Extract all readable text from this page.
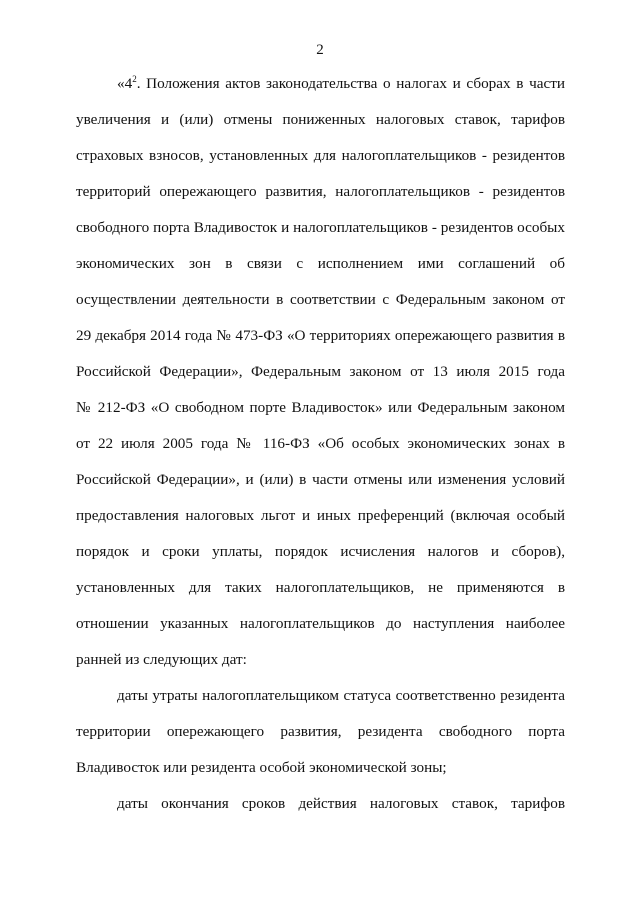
2
«$4^2$. Положения актов законодательства о налогах и сборах в части
увеличения и (или) отмены пониженных налоговых ставок, тарифов
страховых взносов, установленных для налогоплательщиков - резидентов
территорий опережающего развития, налогоплательщиков - резидентов
свободного порта Владивосток и налогоплательщиков - резидентов особых
экономических зон в связи с исполнением ими соглашений об
осуществлении деятельности в соответствии с Федеральным законом от
29 декабря 2014 года № 473-ФЗ «О территориях опережающего развития в
Российской Федерации», Федеральным законом от 13 июля 2015 года
№ 212-ФЗ «О свободном порте Владивосток» или Федеральным законом
от 22 июля 2005 года № 116-ФЗ «Об особых экономических зонах в
Российской Федерации», и (или) в части отмены или изменения условий
предоставления налоговых льгот и иных преференций (включая особый
порядок и сроки уплаты, порядок исчисления налогов и сборов),
установленных для таких налогоплательщиков, не применяются в
отношении указанных налогоплательщиков до наступления наиболее
ранней из следующих дат:
даты утраты налогоплательщиком статуса соответственно резидента
территории опережающего развития, резидента свободного порта
Владивосток или резидента особой экономической зоны;
даты окончания сроков действия налоговых ставок, тарифов
